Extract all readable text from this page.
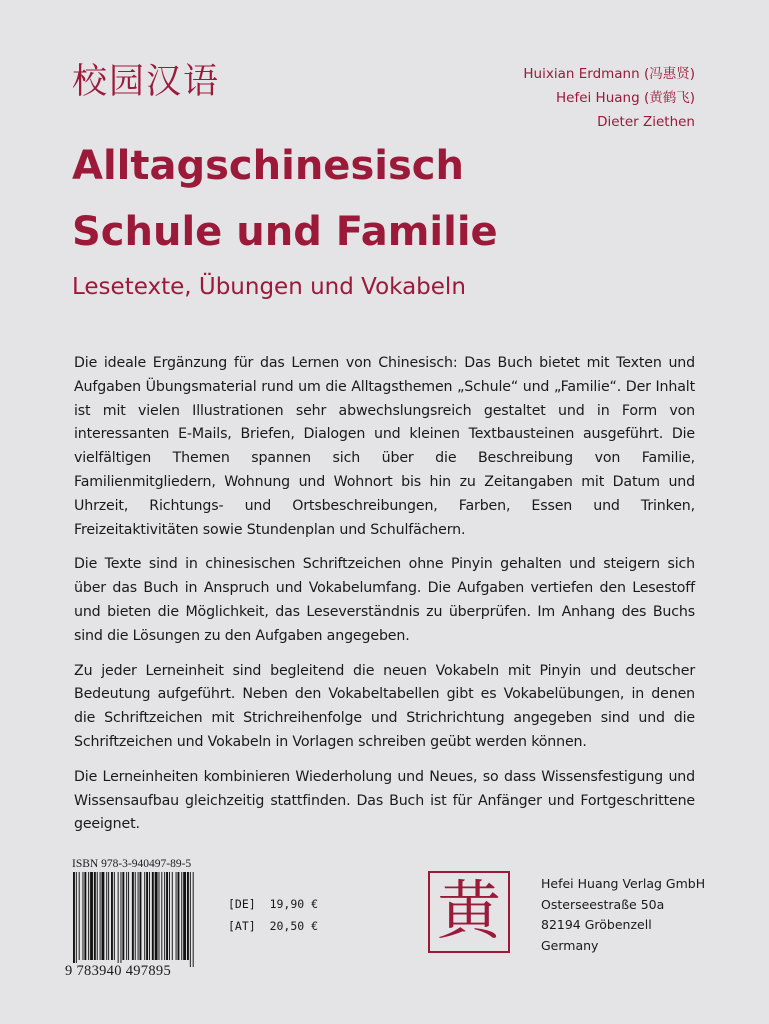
校园汉语	Huixian Erdmann (冯惠贤)
Hefei Huang (黄鹤飞)
Dieter Ziethen
Alltagschinesisch
Schule und Familie
Lesetexte, Übungen und Vokabeln

Die ideale Ergänzung für das Lernen von Chinesisch: Das Buch bietet mit Texten und Aufgaben Übungsmaterial rund um die Alltagsthemen „Schule“ und „Familie“. Der Inhalt ist mit vielen Illustrationen sehr abwechslungsreich gestaltet und in Form von interessanten E-Mails, Briefen, Dialogen und kleinen Textbausteinen ausgeführt. Die vielfältigen Themen spannen sich über die Beschreibung von Familie, Familienmitgliedern, Wohnung und Wohnort bis hin zu Zeitangaben mit Datum und Uhrzeit, Richtungs- und Ortsbeschreibungen, Farben, Essen und Trinken, Freizeitaktivitäten sowie Stundenplan und Schulfächern.

Die Texte sind in chinesischen Schriftzeichen ohne Pinyin gehalten und steigern sich über das Buch in Anspruch und Vokabelumfang. Die Aufgaben vertiefen den Lesestoff und bieten die Möglichkeit, das Leseverständnis zu überprüfen. Im Anhang des Buchs sind die Lösungen zu den Aufgaben angegeben.

Zu jeder Lerneinheit sind begleitend die neuen Vokabeln mit Pinyin und deutscher Bedeutung aufgeführt. Neben den Vokabeltabellen gibt es Vokabelübungen, in denen die Schriftzeichen mit Strichreihenfolge und Strichrichtung angegeben sind und die Schriftzeichen und Vokabeln in Vorlagen schreiben geübt werden können.

Die Lerneinheiten kombinieren Wiederholung und Neues, so dass Wissensfestigung und Wissensaufbau gleichzeitig stattfinden. Das Buch ist für Anfänger und Fortgeschrittene geeignet.

ISBN 978-3-940497-89-5
9 783940 497895
[DE] 19,90 €
[AT] 20,50 € 黄	Hefei Huang Verlag GmbH
Osterseestraße 50a
82194 Gröbenzell
Germany
